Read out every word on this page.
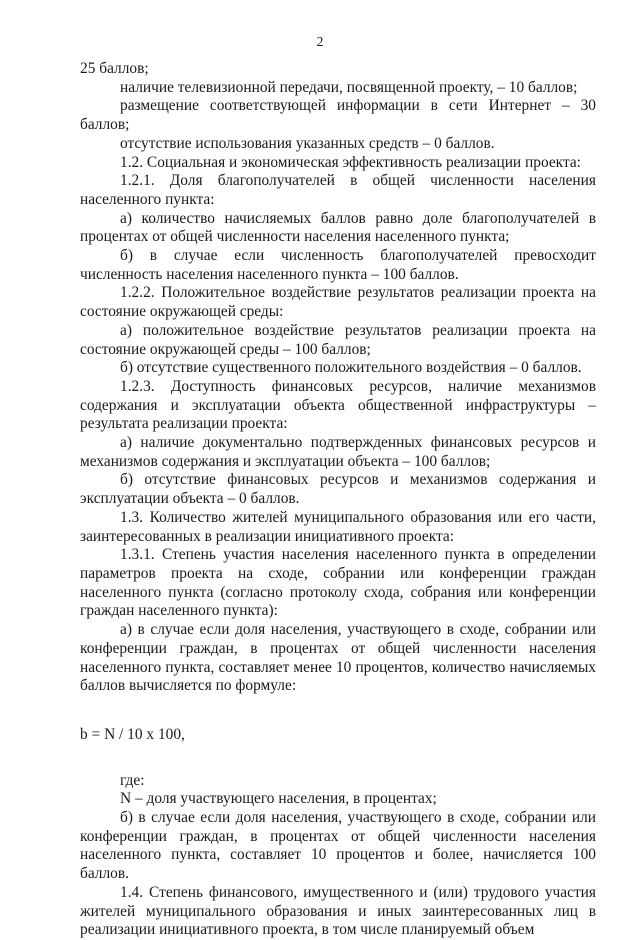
2

25 баллов;

наличие телевизионной передачи, посвященной проекту, – 10 баллов;

размещение соответствующей информации в сети Интернет – 30 баллов;

отсутствие использования указанных средств – 0 баллов.

1.2. Социальная и экономическая эффективность реализации проекта:

1.2.1. Доля благополучателей в общей численности населения населенного пункта:

а) количество начисляемых баллов равно доле благополучателей в процентах от общей численности населения населенного пункта;

б) в случае если численность благополучателей превосходит численность населения населенного пункта – 100 баллов.

1.2.2. Положительное воздействие результатов реализации проекта на состояние окружающей среды:

а) положительное воздействие результатов реализации проекта на состояние окружающей среды – 100 баллов;

б) отсутствие существенного положительного воздействия – 0 баллов.

1.2.3. Доступность финансовых ресурсов, наличие механизмов содержания и эксплуатации объекта общественной инфраструктуры – результата реализации проекта:

а) наличие документально подтвержденных финансовых ресурсов и механизмов содержания и эксплуатации объекта – 100 баллов;

б) отсутствие финансовых ресурсов и механизмов содержания и эксплуатации объекта – 0 баллов.

1.3. Количество жителей муниципального образования или его части, заинтересованных в реализации инициативного проекта:

1.3.1. Степень участия населения населенного пункта в определении параметров проекта на сходе, собрании или конференции граждан населенного пункта (согласно протоколу схода, собрания или конференции граждан населенного пункта):

а) в случае если доля населения, участвующего в сходе, собрании или конференции граждан, в процентах от общей численности населения населенного пункта, составляет менее 10 процентов, количество начисляемых баллов вычисляется по формуле:

b = N / 10 x 100,

где:

N – доля участвующего населения, в процентах;

б) в случае если доля населения, участвующего в сходе, собрании или конференции граждан, в процентах от общей численности населения населенного пункта, составляет 10 процентов и более, начисляется 100 баллов.

1.4. Степень финансового, имущественного и (или) трудового участия жителей муниципального образования и иных заинтересованных лиц в реализации инициативного проекта, в том числе планируемый объем
